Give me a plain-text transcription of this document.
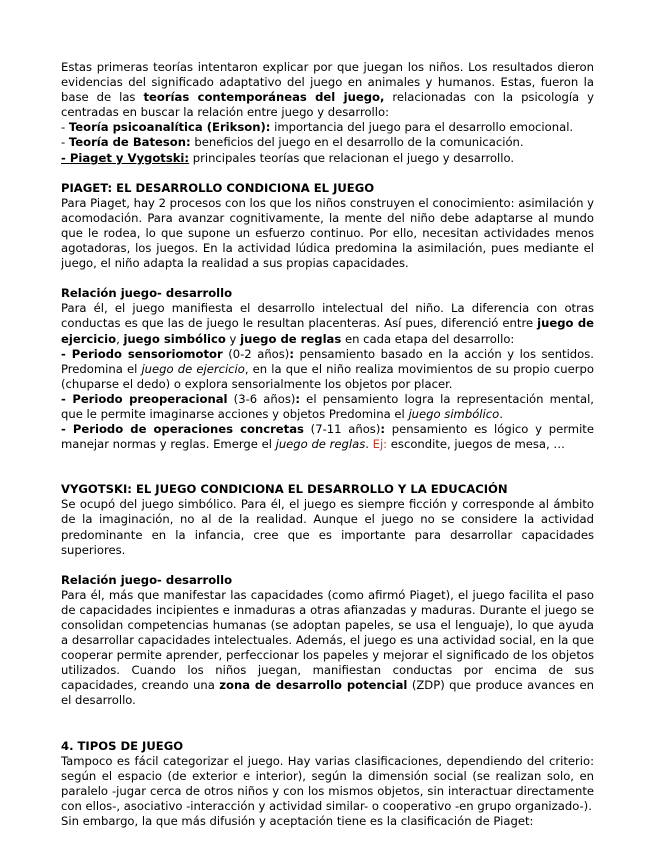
Estas primeras teorías intentaron explicar por que juegan los niños. Los resultados dieron evidencias del significado adaptativo del juego en animales y humanos. Estas, fueron la base de las teorías contemporáneas del juego, relacionadas con la psicología y centradas en buscar la relación entre juego y desarrollo:

- Teoría psicoanalítica (Erikson): importancia del juego para el desarrollo emocional.
- Teoría de Bateson: beneficios del juego en el desarrollo de la comunicación.
- Piaget y Vygotski: principales teorías que relacionan el juego y desarrollo.

PIAGET: EL DESARROLLO CONDICIONA EL JUEGO

Para Piaget, hay 2 procesos con los que los niños construyen el conocimiento: asimilación y acomodación. Para avanzar cognitivamente, la mente del niño debe adaptarse al mundo que le rodea, lo que supone un esfuerzo continuo. Por ello, necesitan actividades menos agotadoras, los juegos. En la actividad lúdica predomina la asimilación, pues mediante el juego, el niño adapta la realidad a sus propias capacidades.

Relación juego- desarrollo

Para él, el juego manifiesta el desarrollo intelectual del niño. La diferencia con otras conductas es que las de juego le resultan placenteras. Así pues, diferenció entre juego de ejercicio, juego simbólico y juego de reglas en cada etapa del desarrollo:

- Periodo sensoriomotor (0-2 años): pensamiento basado en la acción y los sentidos. Predomina el juego de ejercicio, en la que el niño realiza movimientos de su propio cuerpo (chuparse el dedo) o explora sensorialmente los objetos por placer.

- Periodo preoperacional (3-6 años): el pensamiento logra la representación mental, que le permite imaginarse acciones y objetos Predomina el juego simbólico.

- Periodo de operaciones concretas (7-11 años): pensamiento es lógico y permite manejar normas y reglas. Emerge el juego de reglas. Ej: escondite, juegos de mesa, …

VYGOTSKI: EL JUEGO CONDICIONA EL DESARROLLO Y LA EDUCACIÓN

Se ocupó del juego simbólico. Para él, el juego es siempre ficción y corresponde al ámbito de la imaginación, no al de la realidad. Aunque el juego no se considere la actividad predominante en la infancia, cree que es importante para desarrollar capacidades superiores.

Relación juego- desarrollo

Para él, más que manifestar las capacidades (como afirmó Piaget), el juego facilita el paso de capacidades incipientes e inmaduras a otras afianzadas y maduras. Durante el juego se consolidan competencias humanas (se adoptan papeles, se usa el lenguaje), lo que ayuda a desarrollar capacidades intelectuales. Además, el juego es una actividad social, en la que cooperar permite aprender, perfeccionar los papeles y mejorar el significado de los objetos utilizados. Cuando los niños juegan, manifiestan conductas por encima de sus capacidades, creando una zona de desarrollo potencial (ZDP) que produce avances en el desarrollo.

4. TIPOS DE JUEGO

Tampoco es fácil categorizar el juego. Hay varias clasificaciones, dependiendo del criterio: según el espacio (de exterior e interior), según la dimensión social (se realizan solo, en paralelo -jugar cerca de otros niños y con los mismos objetos, sin interactuar directamente con ellos-, asociativo -interacción y actividad similar- o cooperativo -en grupo organizado-).

Sin embargo, la que más difusión y aceptación tiene es la clasificación de Piaget:
